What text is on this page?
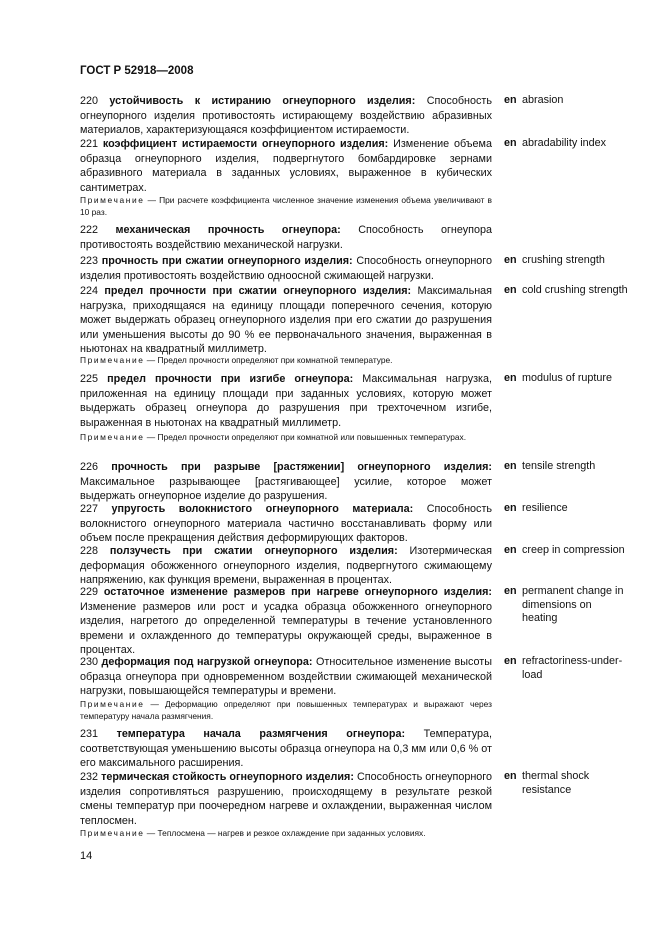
ГОСТ Р 52918—2008
220 устойчивость к истиранию огнеупорного изделия: Способность огнеупорного изделия противостоять истирающему воздействию абразивных материалов, характеризующаяся коэффициентом истираемости.
en abrasion
221 коэффициент истираемости огнеупорного изделия: Изменение объема образца огнеупорного изделия, подвергнутого бомбардировке зернами абразивного материала в заданных условиях, выраженное в кубических сантиметрах.
en abradability index
Примечание — При расчете коэффициента численное значение изменения объема увеличивают в 10 раз.
222 механическая прочность огнеупора: Способность огнеупора противостоять воздействию механической нагрузки.
223 прочность при сжатии огнеупорного изделия: Способность огнеупорного изделия противостоять воздействию одноосной сжимающей нагрузки.
en crushing strength
224 предел прочности при сжатии огнеупорного изделия: Максимальная нагрузка, приходящаяся на единицу площади поперечного сечения, которую может выдержать образец огнеупорного изделия при его сжатии до разрушения или уменьшения высоты до 90 % ее первоначального значения, выраженная в ньютонах на квадратный миллиметр.
en cold crushing strength
Примечание — Предел прочности определяют при комнатной температуре.
225 предел прочности при изгибе огнеупора: Максимальная нагрузка, приложенная на единицу площади при заданных условиях, которую может выдержать образец огнеупора до разрушения при трехточечном изгибе, выраженная в ньютонах на квадратный миллиметр.
en modulus of rupture
Примечание — Предел прочности определяют при комнатной или повышенных температурах.
226 прочность при разрыве [растяжении] огнеупорного изделия: Максимальное разрывающее [растягивающее] усилие, которое может выдержать огнеупорное изделие до разрушения.
en tensile strength
227 упругость волокнистого огнеупорного материала: Способность волокнистого огнеупорного материала частично восстанавливать форму или объем после прекращения действия деформирующих факторов.
en resilience
228 ползучесть при сжатии огнеупорного изделия: Изотермическая деформация обожженного огнеупорного изделия, подвергнутого сжимающему напряжению, как функция времени, выраженная в процентах.
en creep in compression
229 остаточное изменение размеров при нагреве огнеупорного изделия: Изменение размеров или рост и усадка образца обожженного огнеупорного изделия, нагретого до определенной температуры в течение установленного времени и охлажденного до температуры окружающей среды, выраженное в процентах.
en permanent change in dimensions on heating
230 деформация под нагрузкой огнеупора: Относительное изменение высоты образца огнеупора при одновременном воздействии сжимающей механической нагрузки, повышающейся температуры и времени.
en refractoriness-under-load
Примечание — Деформацию определяют при повышенных температурах и выражают через температуру начала размягчения.
231 температура начала размягчения огнеупора: Температура, соответствующая уменьшению высоты образца огнеупора на 0,3 мм или 0,6 % от его максимального расширения.
232 термическая стойкость огнеупорного изделия: Способность огнеупорного изделия сопротивляться разрушению, происходящему в результате резкой смены температур при поочередном нагреве и охлаждении, выраженная числом теплосмен.
en thermal shock resistance
Примечание — Теплосмена — нагрев и резкое охлаждение при заданных условиях.
14
